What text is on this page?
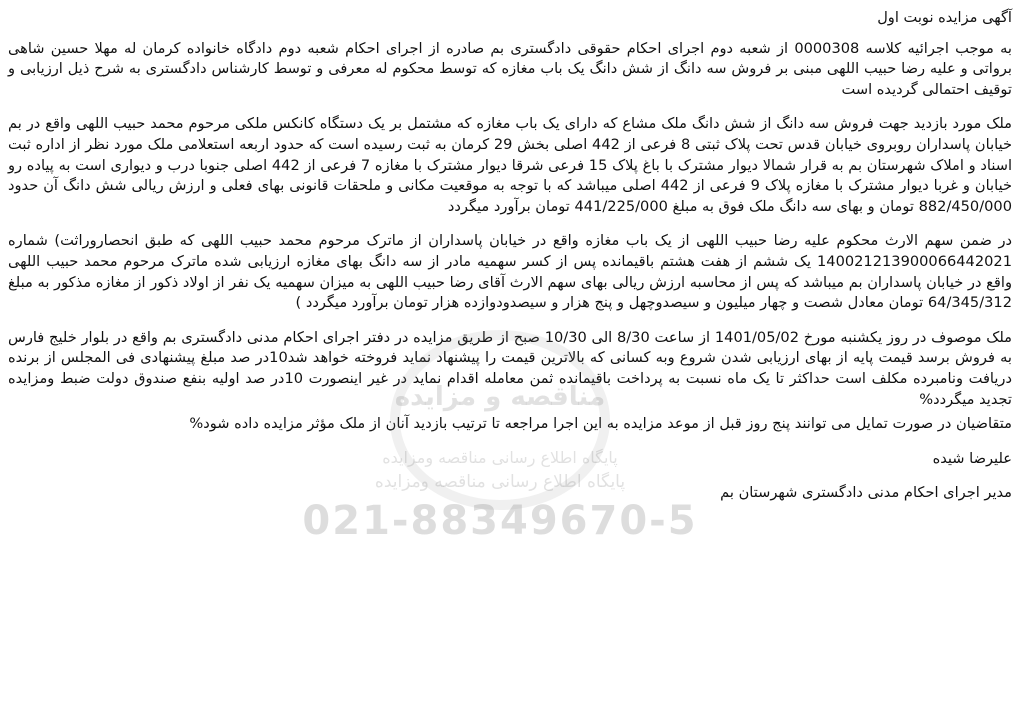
آگهی مزایده نوبت اول

به موجب اجرائیه کلاسه 0000308 از شعبه دوم اجرای احکام حقوقی دادگستری بم صادره از اجرای احکام شعبه دوم دادگاه خانواده کرمان له مهلا حسین شاهی برواتی و علیه رضا حبیب اللهی مبنی بر فروش سه دانگ از شش دانگ یک باب مغازه که توسط محکوم له معرفی و توسط کارشناس دادگستری به شرح ذیل ارزیابی و توقیف احتمالی گردیده است

ملک مورد بازدید جهت فروش سه دانگ از شش دانگ ملک مشاع که دارای یک باب مغازه که مشتمل بر یک دستگاه کانکس ملکی مرحوم محمد حبیب اللهی واقع در بم خیابان پاسداران روبروی خیابان قدس تحت پلاک ثبتی 8 فرعی از 442 اصلی بخش 29 کرمان به ثبت رسیده است که حدود اربعه استعلامی ملک مورد نظر از اداره ثبت اسناد و املاک شهرستان بم به قرار شمالا دیوار مشترک با باغ پلاک 15 فرعی شرقا دیوار مشترک با مغازه 7 فرعی از 442 اصلی جنوبا درب و دیواری است به پیاده رو خیابان و غربا دیوار مشترک با مغازه پلاک 9 فرعی از 442 اصلی میباشد که با توجه به موقعیت مکانی و ملحقات قانونی بهای فعلی و ارزش ریالی شش دانگ آن حدود 882/450/000 تومان و بهای سه دانگ ملک فوق به مبلغ 441/225/000 تومان برآورد میگردد

در ضمن سهم الارث محکوم علیه رضا حبیب اللهی از یک باب مغازه واقع در خیابان پاسداران از ماترک مرحوم محمد حبیب اللهی که طبق انحصاروراثت) شماره 140021213900066442021 یک ششم از هفت هشتم باقیمانده پس از کسر سهمیه مادر از سه دانگ بهای مغازه ارزیابی شده ماترک مرحوم محمد حبیب اللهی واقع در خیابان پاسداران بم میباشد که پس از محاسبه ارزش ریالی بهای سهم الارث آقای رضا حبیب اللهی به میزان سهمیه یک نفر از اولاد ذکور از مغازه مذکور به مبلغ 64/345/312 تومان معادل شصت و چهار میلیون و سیصدوچهل و پنج هزار و سیصدودوازده هزار تومان برآورد میگردد )

ملک موصوف در روز یکشنبه مورخ 1401/05/02 از ساعت 8/30 الی 10/30 صبح از طریق مزایده در دفتر اجرای احکام مدنی دادگستری بم واقع در بلوار خلیج فارس به فروش برسد قیمت پایه از بهای ارزیابی شدن شروع وبه کسانی که بالاترین قیمت را پیشنهاد نماید فروخته خواهد شد10در صد مبلغ پیشنهادی فی المجلس از برنده دریافت ونامبرده مکلف است حداکثر تا یک ماه نسبت به پرداخت باقیمانده ثمن معامله اقدام نماید در غیر اینصورت 10در صد اولیه بنفع صندوق دولت ضبط ومزایده تجدید میگردد%

متقاضیان در صورت تمایل می توانند پنج روز قبل از موعد مزایده به این اجرا مراجعه تا ترتیب بازدید آنان از ملک مؤثر مزایده داده شود%

علیرضا شیده

مدیر اجرای احکام مدنی دادگستری شهرستان بم

مناقصه و مزایده
پایگاه اطلاع رسانی مناقصه ومزایده
پایگاه اطلاع رسانی مناقصه ومزایده
021-88349670-5
